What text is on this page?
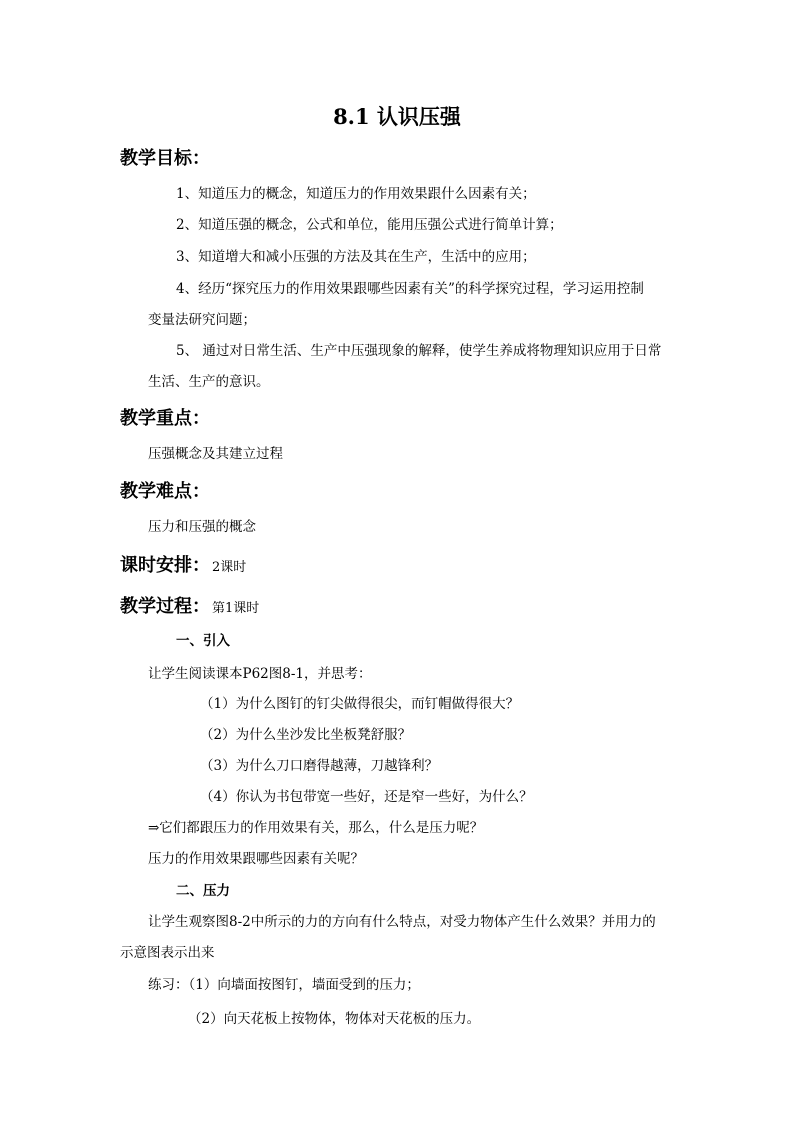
8.1 认识压强
教学目标：
1、知道压力的概念，知道压力的作用效果跟什么因素有关；
2、知道压强的概念，公式和单位，能用压强公式进行简单计算；
3、知道增大和减小压强的方法及其在生产，生活中的应用；
4、经历“探究压力的作用效果跟哪些因素有关”的科学探究过程，学习运用控制
变量法研究问题；
5、 通过对日常生活、生产中压强现象的解释，使学生养成将物理知识应用于日常
生活、生产的意识。
教学重点：
压强概念及其建立过程
教学难点：
压力和压强的概念
课时安排： 2课时
教学过程： 第1课时
一、引入
让学生阅读课本P62图8-1，并思考：
（1）为什么图钉的钉尖做得很尖，而钉帽做得很大？
（2）为什么坐沙发比坐板凳舒服？
（3）为什么刀口磨得越薄，刀越锋利？
（4）你认为书包带宽一些好，还是窄一些好，为什么？
⇒它们都跟压力的作用效果有关，那么，什么是压力呢？
压力的作用效果跟哪些因素有关呢？
二、压力
让学生观察图8-2中所示的力的方向有什么特点，对受力物体产生什么效果？并用力的
示意图表示出来
练习：（1）向墙面按图钉，墙面受到的压力；
（2）向天花板上按物体，物体对天花板的压力。
